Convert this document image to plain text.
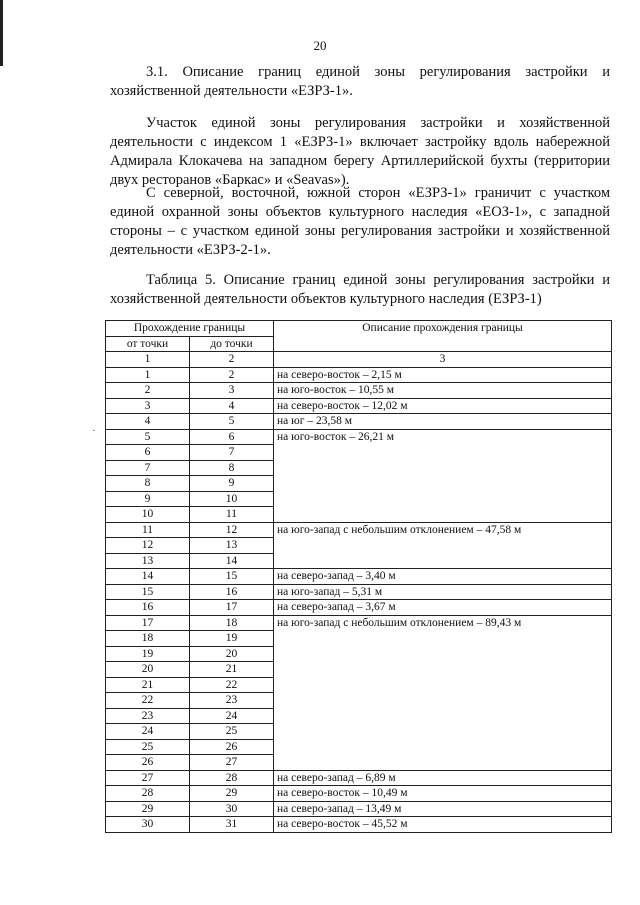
20
3.1. Описание границ единой зоны регулирования застройки и хозяйственной деятельности «ЕЗРЗ-1».
Участок единой зоны регулирования застройки и хозяйственной деятельности с индексом 1 «ЕЗРЗ-1» включает застройку вдоль набережной Адмирала Клокачева на западном берегу Артиллерийской бухты (территории двух ресторанов «Баркас» и «Seavas»).
С северной, восточной, южной сторон «ЕЗРЗ-1» граничит с участком единой охранной зоны объектов культурного наследия «ЕОЗ-1», с западной стороны – с участком единой зоны регулирования застройки и хозяйственной деятельности «ЕЗРЗ-2-1».
Таблица 5. Описание границ единой зоны регулирования застройки и хозяйственной деятельности объектов культурного наследия (ЕЗРЗ-1)
Прохождение границы		Описание прохождения границы
от точки	до точки	
1	2	3
1	2	на северо-восток – 2,15 м
2	3	на юго-восток – 10,55 м
3	4	на северо-восток – 12,02 м
4	5	на юг – 23,58 м
5	6	на юго-восток – 26,21 м
6	7	
7	8	
8	9	
9	10	
10	11	
11	12	на юго-запад с небольшим отклонением – 47,58 м
12	13	
13	14	
14	15	на северо-запад – 3,40 м
15	16	на юго-запад – 5,31 м
16	17	на северо-запад – 3,67 м
17	18	на юго-запад с небольшим отклонением – 89,43 м
18	19	
19	20	
20	21	
21	22	
22	23	
23	24	
24	25	
25	26	
26	27	
27	28	на северо-запад – 6,89 м
28	29	на северо-восток – 10,49 м
29	30	на северо-запад – 13,49 м
30	31	на северо-восток – 45,52 м
